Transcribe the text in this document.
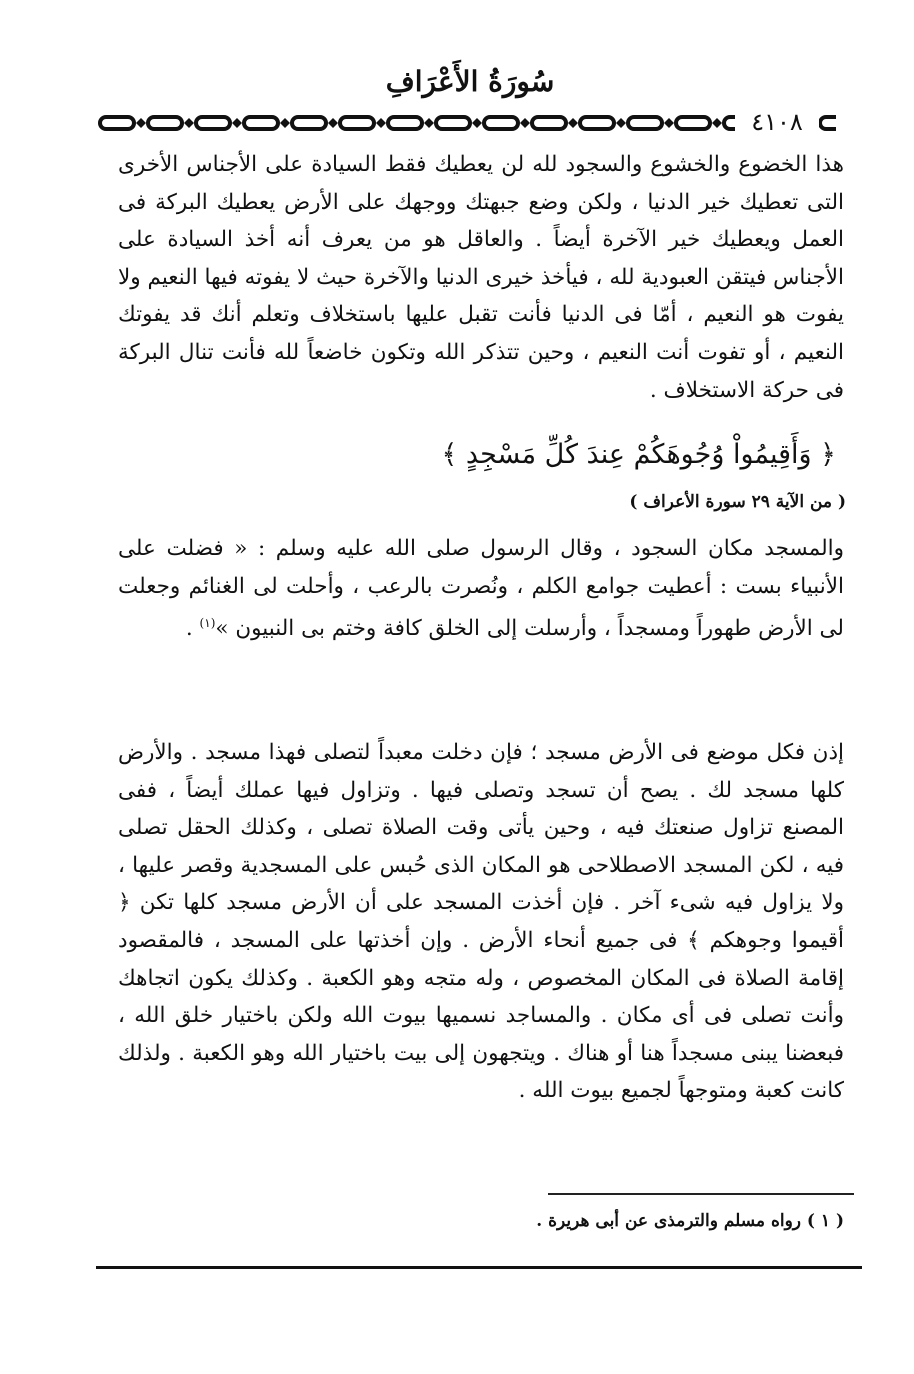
سُورَةُ الأَعْرَافِ
٤١٠٨

هذا الخضوع والخشوع والسجود لله لن يعطيك فقط السيادة على الأجناس الأخرى التى تعطيك خير الدنيا ، ولكن وضع جبهتك ووجهك على الأرض يعطيك البركة فى العمل ويعطيك خير الآخرة أيضاً . والعاقل هو من يعرف أنه أخذ السيادة على الأجناس فيتقن العبودية لله ، فيأخذ خيرى الدنيا والآخرة حيث لا يفوته فيها النعيم ولا يفوت هو النعيم ، أمّا فى الدنيا فأنت تقبل عليها باستخلاف وتعلم أنك قد يفوتك النعيم ، أو تفوت أنت النعيم ، وحين تتذكر الله وتكون خاضعاً لله فأنت تنال البركة فى حركة الاستخلاف .

﴿ وَأَقِيمُواْ وُجُوهَكُمْ عِندَ كُلِّ مَسْجِدٍ ﴾

( من الآية ٢٩ سورة الأعراف )

والمسجد مكان السجود ، وقال الرسول صلى الله عليه وسلم : « فضلت على الأنبياء بست : أعطيت جوامع الكلم ، ونُصرت بالرعب ، وأحلت لى الغنائم وجعلت لى الأرض طهوراً ومسجداً ، وأرسلت إلى الخلق كافة وختم بى النبيون »$^{(١)}$ .

إذن فكل موضع فى الأرض مسجد ؛ فإن دخلت معبداً لتصلى فهذا مسجد . والأرض كلها مسجد لك . يصح أن تسجد وتصلى فيها . وتزاول فيها عملك أيضاً ، ففى المصنع تزاول صنعتك فيه ، وحين يأتى وقت الصلاة تصلى ، وكذلك الحقل تصلى فيه ، لكن المسجد الاصطلاحى هو المكان الذى حُبس على المسجدية وقصر عليها ، ولا يزاول فيه شىء آخر . فإن أخذت المسجد على أن الأرض مسجد كلها تكن ﴿ أقيموا وجوهكم ﴾ فى جميع أنحاء الأرض . وإن أخذتها على المسجد ، فالمقصود إقامة الصلاة فى المكان المخصوص ، وله متجه وهو الكعبة . وكذلك يكون اتجاهك وأنت تصلى فى أى مكان . والمساجد نسميها بيوت الله ولكن باختيار خلق الله ، فبعضنا يبنى مسجداً هنا أو هناك . ويتجهون إلى بيت باختيار الله وهو الكعبة . ولذلك كانت كعبة ومتوجهاً لجميع بيوت الله .

( ١ ) رواه مسلم والترمذى عن أبى هريرة .
